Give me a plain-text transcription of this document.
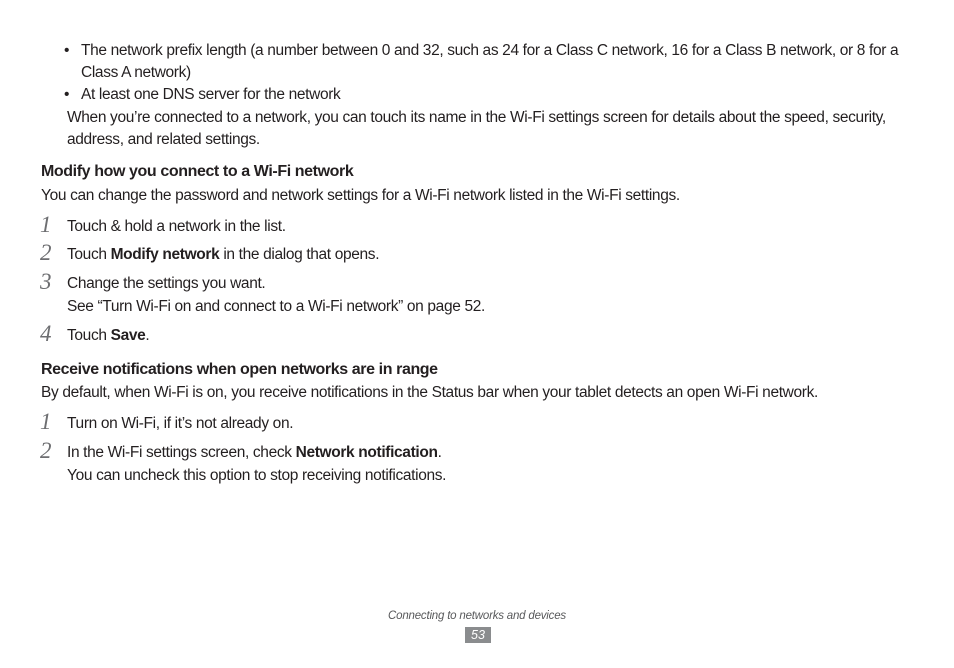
• The network prefix length (a number between 0 and 32, such as 24 for a Class C network, 16 for a Class B network, or 8 for a Class A network)
• At least one DNS server for the network
When you’re connected to a network, you can touch its name in the Wi-Fi settings screen for details about the speed, security, address, and related settings.
Modify how you connect to a Wi-Fi network
You can change the password and network settings for a Wi-Fi network listed in the Wi-Fi settings.
1 Touch & hold a network in the list.
2 Touch Modify network in the dialog that opens.
3 Change the settings you want.
See “Turn Wi-Fi on and connect to a Wi-Fi network” on page 52.
4 Touch Save.
Receive notifications when open networks are in range
By default, when Wi-Fi is on, you receive notifications in the Status bar when your tablet detects an open Wi-Fi network.
1 Turn on Wi-Fi, if it’s not already on.
2 In the Wi-Fi settings screen, check Network notification.
You can uncheck this option to stop receiving notifications.
Connecting to networks and devices
53
